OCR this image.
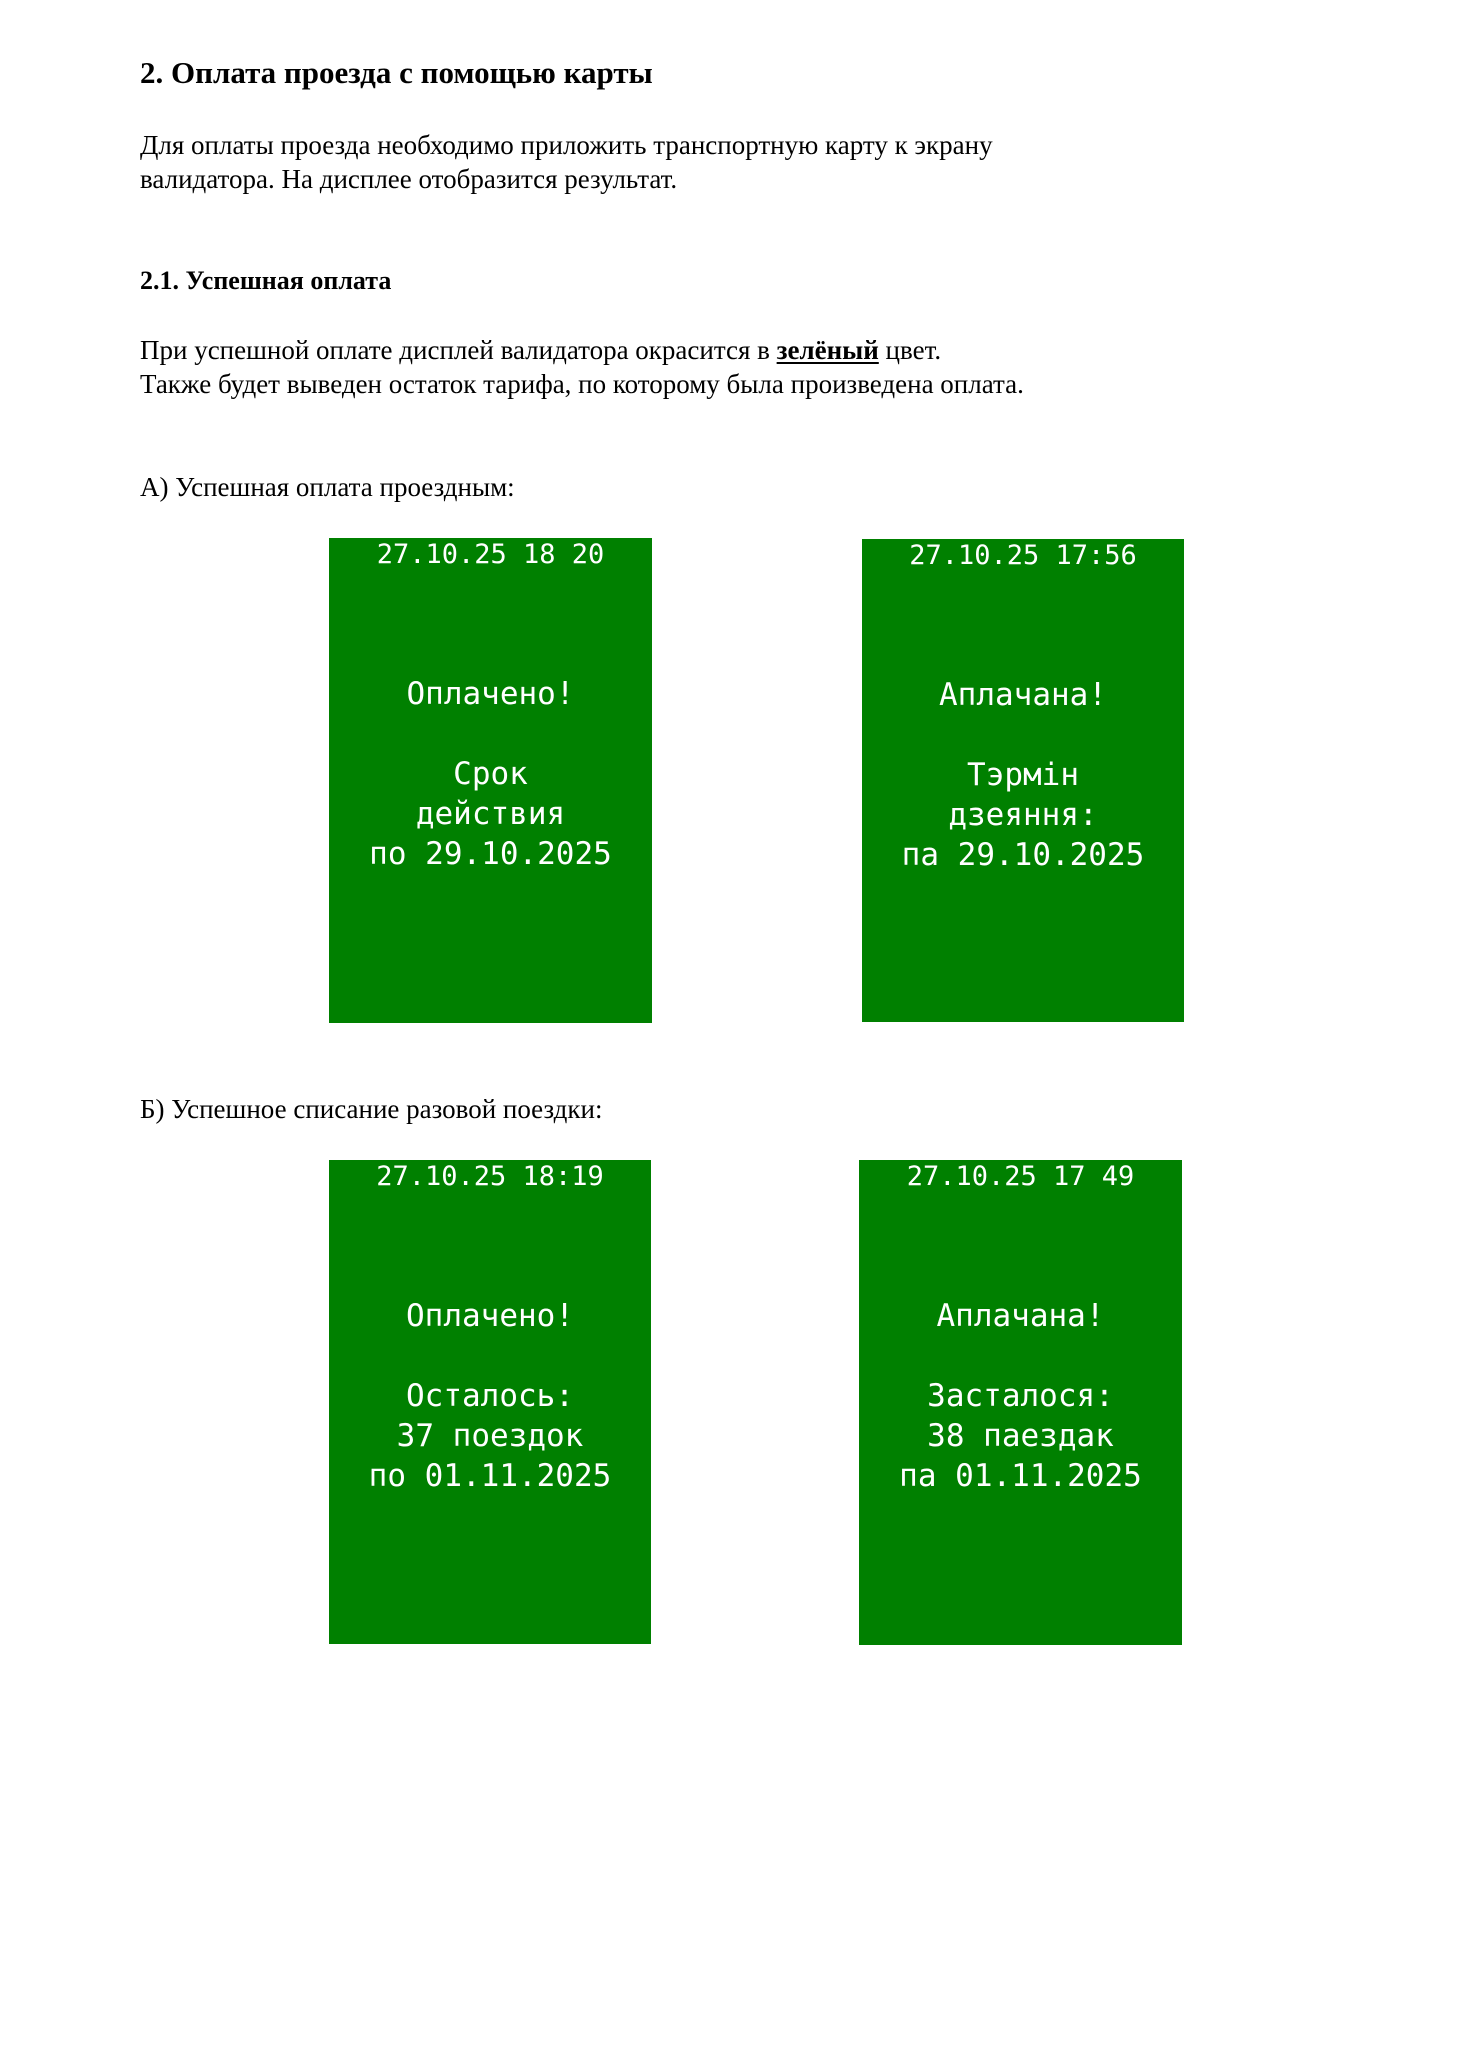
2. Оплата проезда с помощью карты

Для оплаты проезда необходимо приложить транспортную карту к экрану

валидатора. На дисплее отобразится результат.

2.1. Успешная оплата

При успешной оплате дисплей валидатора окрасится в зелёный цвет.

Также будет выведен остаток тарифа, по которому была произведена оплата.

А) Успешная оплата проездным:

27.10.25 18 20
Оплачено!
Срок
действия
по 29.10.2025
27.10.25 17:56
Аплачана!
Тэрмін
дзеяння:
па 29.10.2025

Б) Успешное списание разовой поездки:

27.10.25 18:19
Оплачено!
Осталось:
37 поездок
по 01.11.2025
27.10.25 17 49
Аплачана!
Засталося:
38 паездак
па 01.11.2025
